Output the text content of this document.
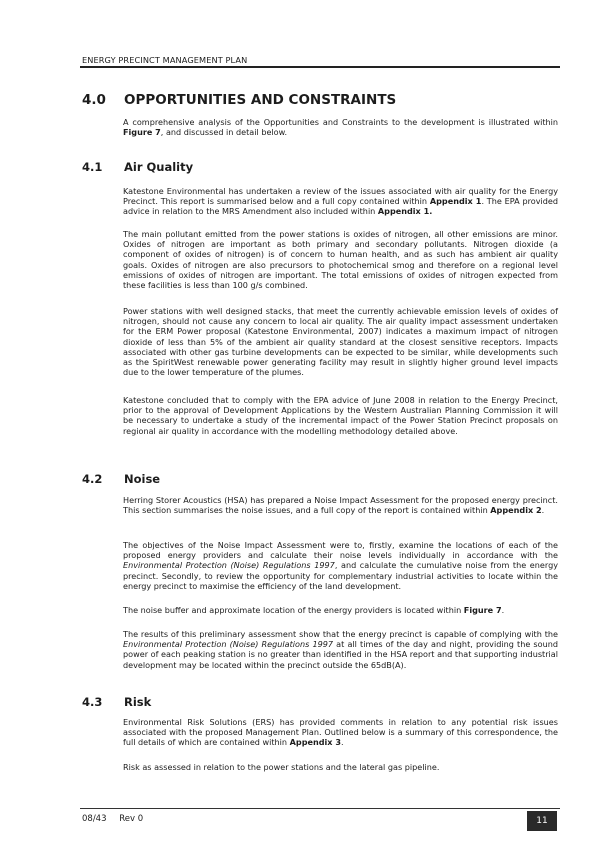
ENERGY PRECINCT MANAGEMENT PLAN
4.0 OPPORTUNITIES AND CONSTRAINTS
A comprehensive analysis of the Opportunities and Constraints to the development is illustrated within Figure 7, and discussed in detail below.
4.1 Air Quality
Katestone Environmental has undertaken a review of the issues associated with air quality for the Energy Precinct. This report is summarised below and a full copy contained within Appendix 1. The EPA provided advice in relation to the MRS Amendment also included within Appendix 1.
The main pollutant emitted from the power stations is oxides of nitrogen, all other emissions are minor. Oxides of nitrogen are important as both primary and secondary pollutants. Nitrogen dioxide (a component of oxides of nitrogen) is of concern to human health, and as such has ambient air quality goals. Oxides of nitrogen are also precursors to photochemical smog and therefore on a regional level emissions of oxides of nitrogen are important. The total emissions of oxides of nitrogen expected from these facilities is less than 100 g/s combined.
Power stations with well designed stacks, that meet the currently achievable emission levels of oxides of nitrogen, should not cause any concern to local air quality. The air quality impact assessment undertaken for the ERM Power proposal (Katestone Environmental, 2007) indicates a maximum impact of nitrogen dioxide of less than 5% of the ambient air quality standard at the closest sensitive receptors. Impacts associated with other gas turbine developments can be expected to be similar, while developments such as the SpiritWest renewable power generating facility may result in slightly higher ground level impacts due to the lower temperature of the plumes.
Katestone concluded that to comply with the EPA advice of June 2008 in relation to the Energy Precinct, prior to the approval of Development Applications by the Western Australian Planning Commission it will be necessary to undertake a study of the incremental impact of the Power Station Precinct proposals on regional air quality in accordance with the modelling methodology detailed above.
4.2 Noise
Herring Storer Acoustics (HSA) has prepared a Noise Impact Assessment for the proposed energy precinct. This section summarises the noise issues, and a full copy of the report is contained within Appendix 2.
The objectives of the Noise Impact Assessment were to, firstly, examine the locations of each of the proposed energy providers and calculate their noise levels individually in accordance with the Environmental Protection (Noise) Regulations 1997, and calculate the cumulative noise from the energy precinct. Secondly, to review the opportunity for complementary industrial activities to locate within the energy precinct to maximise the efficiency of the land development.
The noise buffer and approximate location of the energy providers is located within Figure 7.
The results of this preliminary assessment show that the energy precinct is capable of complying with the Environmental Protection (Noise) Regulations 1997 at all times of the day and night, providing the sound power of each peaking station is no greater than identified in the HSA report and that supporting industrial development may be located within the precinct outside the 65dB(A).
4.3 Risk
Environmental Risk Solutions (ERS) has provided comments in relation to any potential risk issues associated with the proposed Management Plan. Outlined below is a summary of this correspondence, the full details of which are contained within Appendix 3.
Risk as assessed in relation to the power stations and the lateral gas pipeline.
08/43 Rev 0	11
